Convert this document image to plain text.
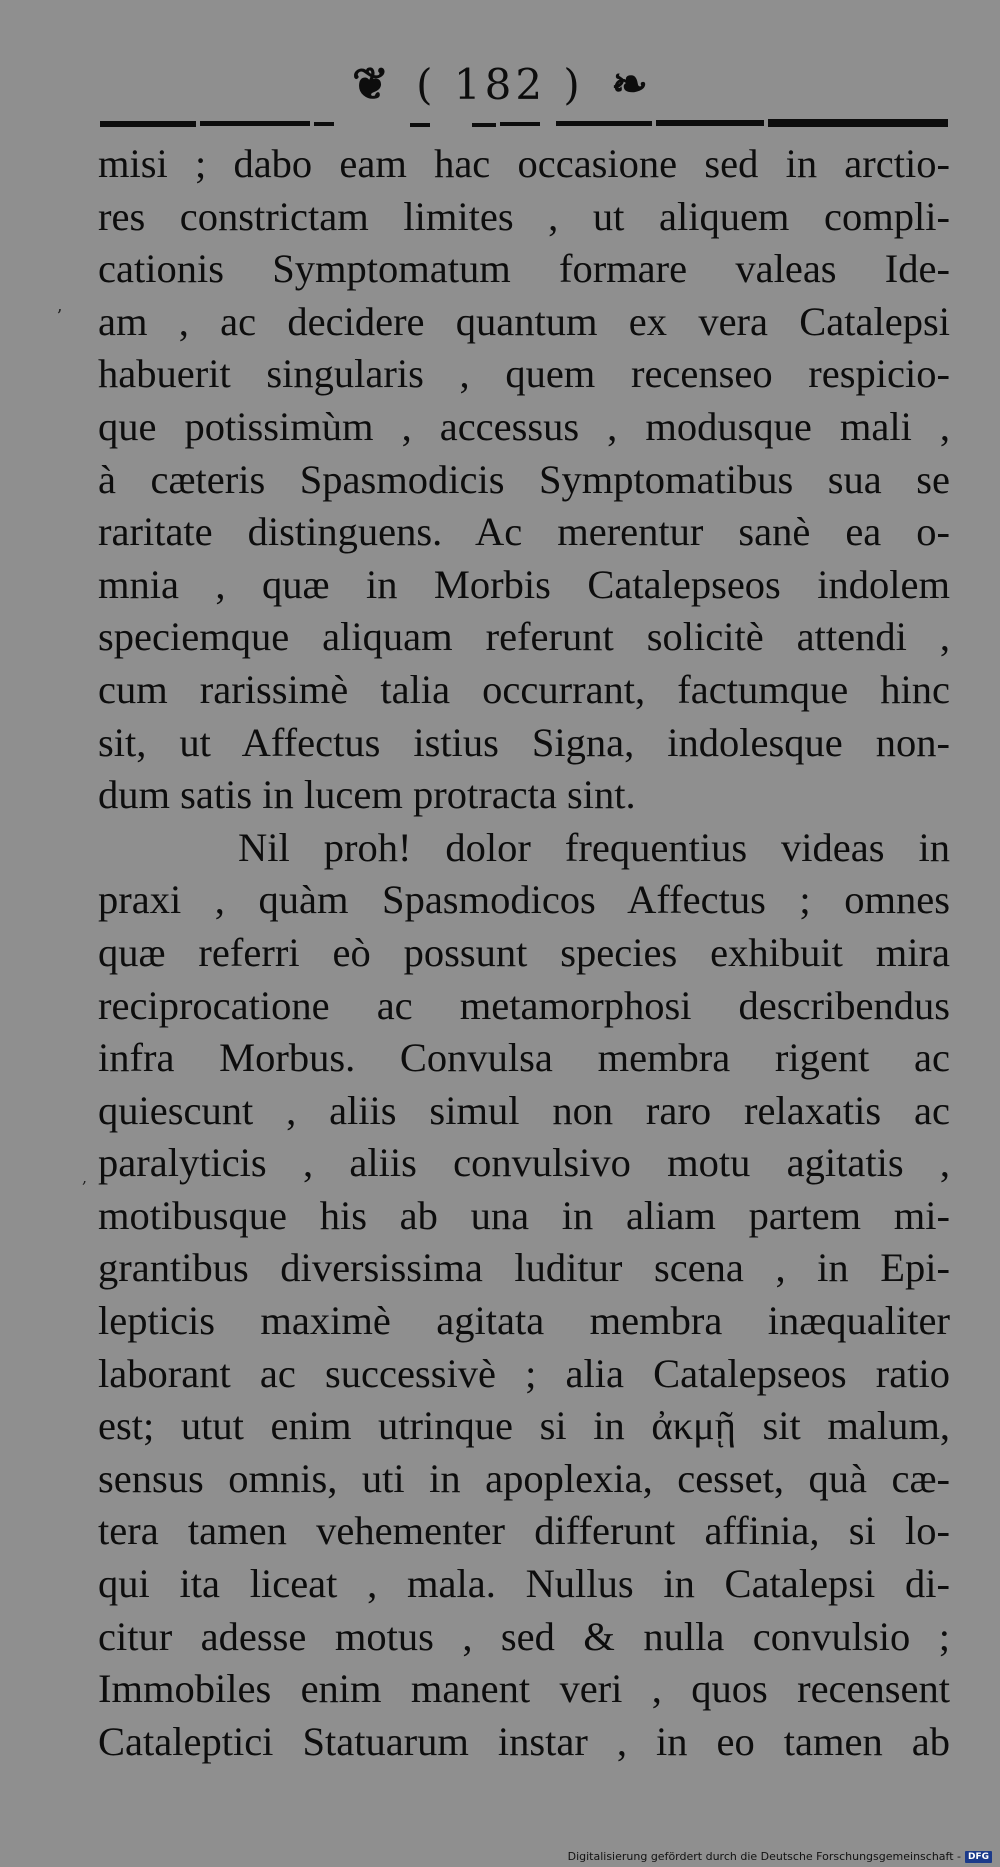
❦ ( 182 ) ❧
ʼ
,
misi ; dabo eam hac occasione sed in arctio-
res constrictam limites , ut aliquem compli-
cationis Symptomatum formare valeas Ide-
am , ac decidere quantum ex vera Catalepsi
habuerit singularis , quem recenseo respicio-
que potissimùm , accessus , modusque mali ,
à cæteris Spasmodicis Symptomatibus sua se
raritate distinguens. Ac merentur sanè ea o-
mnia , quæ in Morbis Catalepseos indolem
speciemque aliquam referunt solicitè attendi ,
cum rarissimè talia occurrant, factumque hinc
sit, ut Affectus istius Signa, indolesque non-
dum satis in lucem protracta sint.
Nil proh! dolor frequentius videas in
praxi , quàm Spasmodicos Affectus ; omnes
quæ referri eò possunt species exhibuit mira
reciprocatione ac metamorphosi describendus
infra Morbus. Convulsa membra rigent ac
quiescunt , aliis simul non raro relaxatis ac
paralyticis , aliis convulsivo motu agitatis ,
motibusque his ab una in aliam partem mi-
grantibus diversissima luditur scena , in Epi-
lepticis maximè agitata membra inæqualiter
laborant ac successivè ; alia Catalepseos ratio
est; utut enim utrinque si in ἀκμῇ sit malum,
sensus omnis, uti in apoplexia, cesset, quà cæ-
tera tamen vehementer differunt affinia, si lo-
qui ita liceat , mala. Nullus in Catalepsi di-
citur adesse motus , sed & nulla convulsio ;
Immobiles enim manent veri , quos recensent
Cataleptici Statuarum instar , in eo tamen ab
Digitalisierung gefördert durch die Deutsche Forschungsgemeinschaft - DFG
